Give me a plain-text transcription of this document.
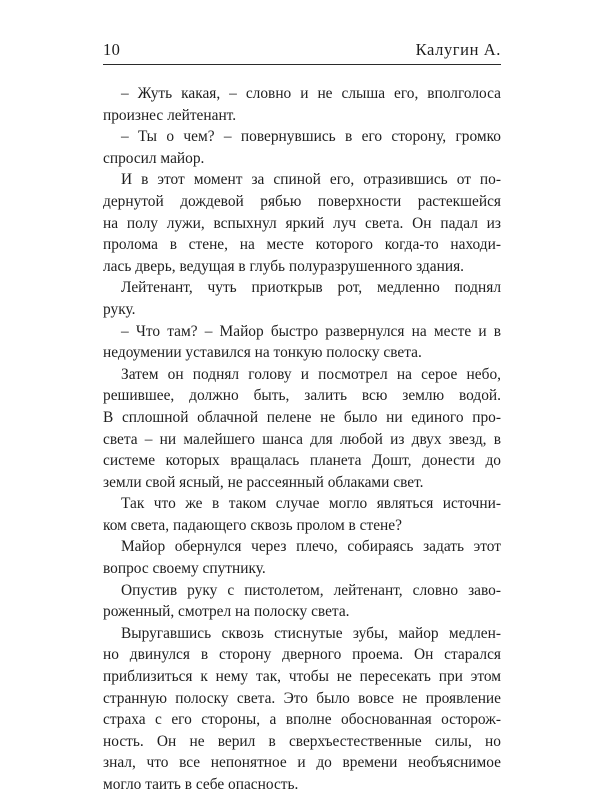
10	Калугин А.
– Жуть какая, – словно и не слыша его, вполголоса
произнес лейтенант.
– Ты о чем? – повернувшись в его сторону, громко
спросил майор.
И в этот момент за спиной его, отразившись от по-
дернутой дождевой рябью поверхности растекшейся
на полу лужи, вспыхнул яркий луч света. Он падал из
пролома в стене, на месте которого когда-то находи-
лась дверь, ведущая в глубь полуразрушенного здания.
Лейтенант, чуть приоткрыв рот, медленно поднял
руку.
– Что там? – Майор быстро развернулся на месте и в
недоумении уставился на тонкую полоску света.
Затем он поднял голову и посмотрел на серое небо,
решившее, должно быть, залить всю землю водой.
В сплошной облачной пелене не было ни единого про-
света – ни малейшего шанса для любой из двух звезд, в
системе которых вращалась планета Дошт, донести до
земли свой ясный, не рассеянный облаками свет.
Так что же в таком случае могло являться источни-
ком света, падающего сквозь пролом в стене?
Майор обернулся через плечо, собираясь задать этот
вопрос своему спутнику.
Опустив руку с пистолетом, лейтенант, словно заво-
роженный, смотрел на полоску света.
Выругавшись сквозь стиснутые зубы, майор медлен-
но двинулся в сторону дверного проема. Он старался
приблизиться к нему так, чтобы не пересекать при этом
странную полоску света. Это было вовсе не проявление
страха с его стороны, а вполне обоснованная осторож-
ность. Он не верил в сверхъестественные силы, но
знал, что все непонятное и до времени необъяснимое
могло таить в себе опасность.
